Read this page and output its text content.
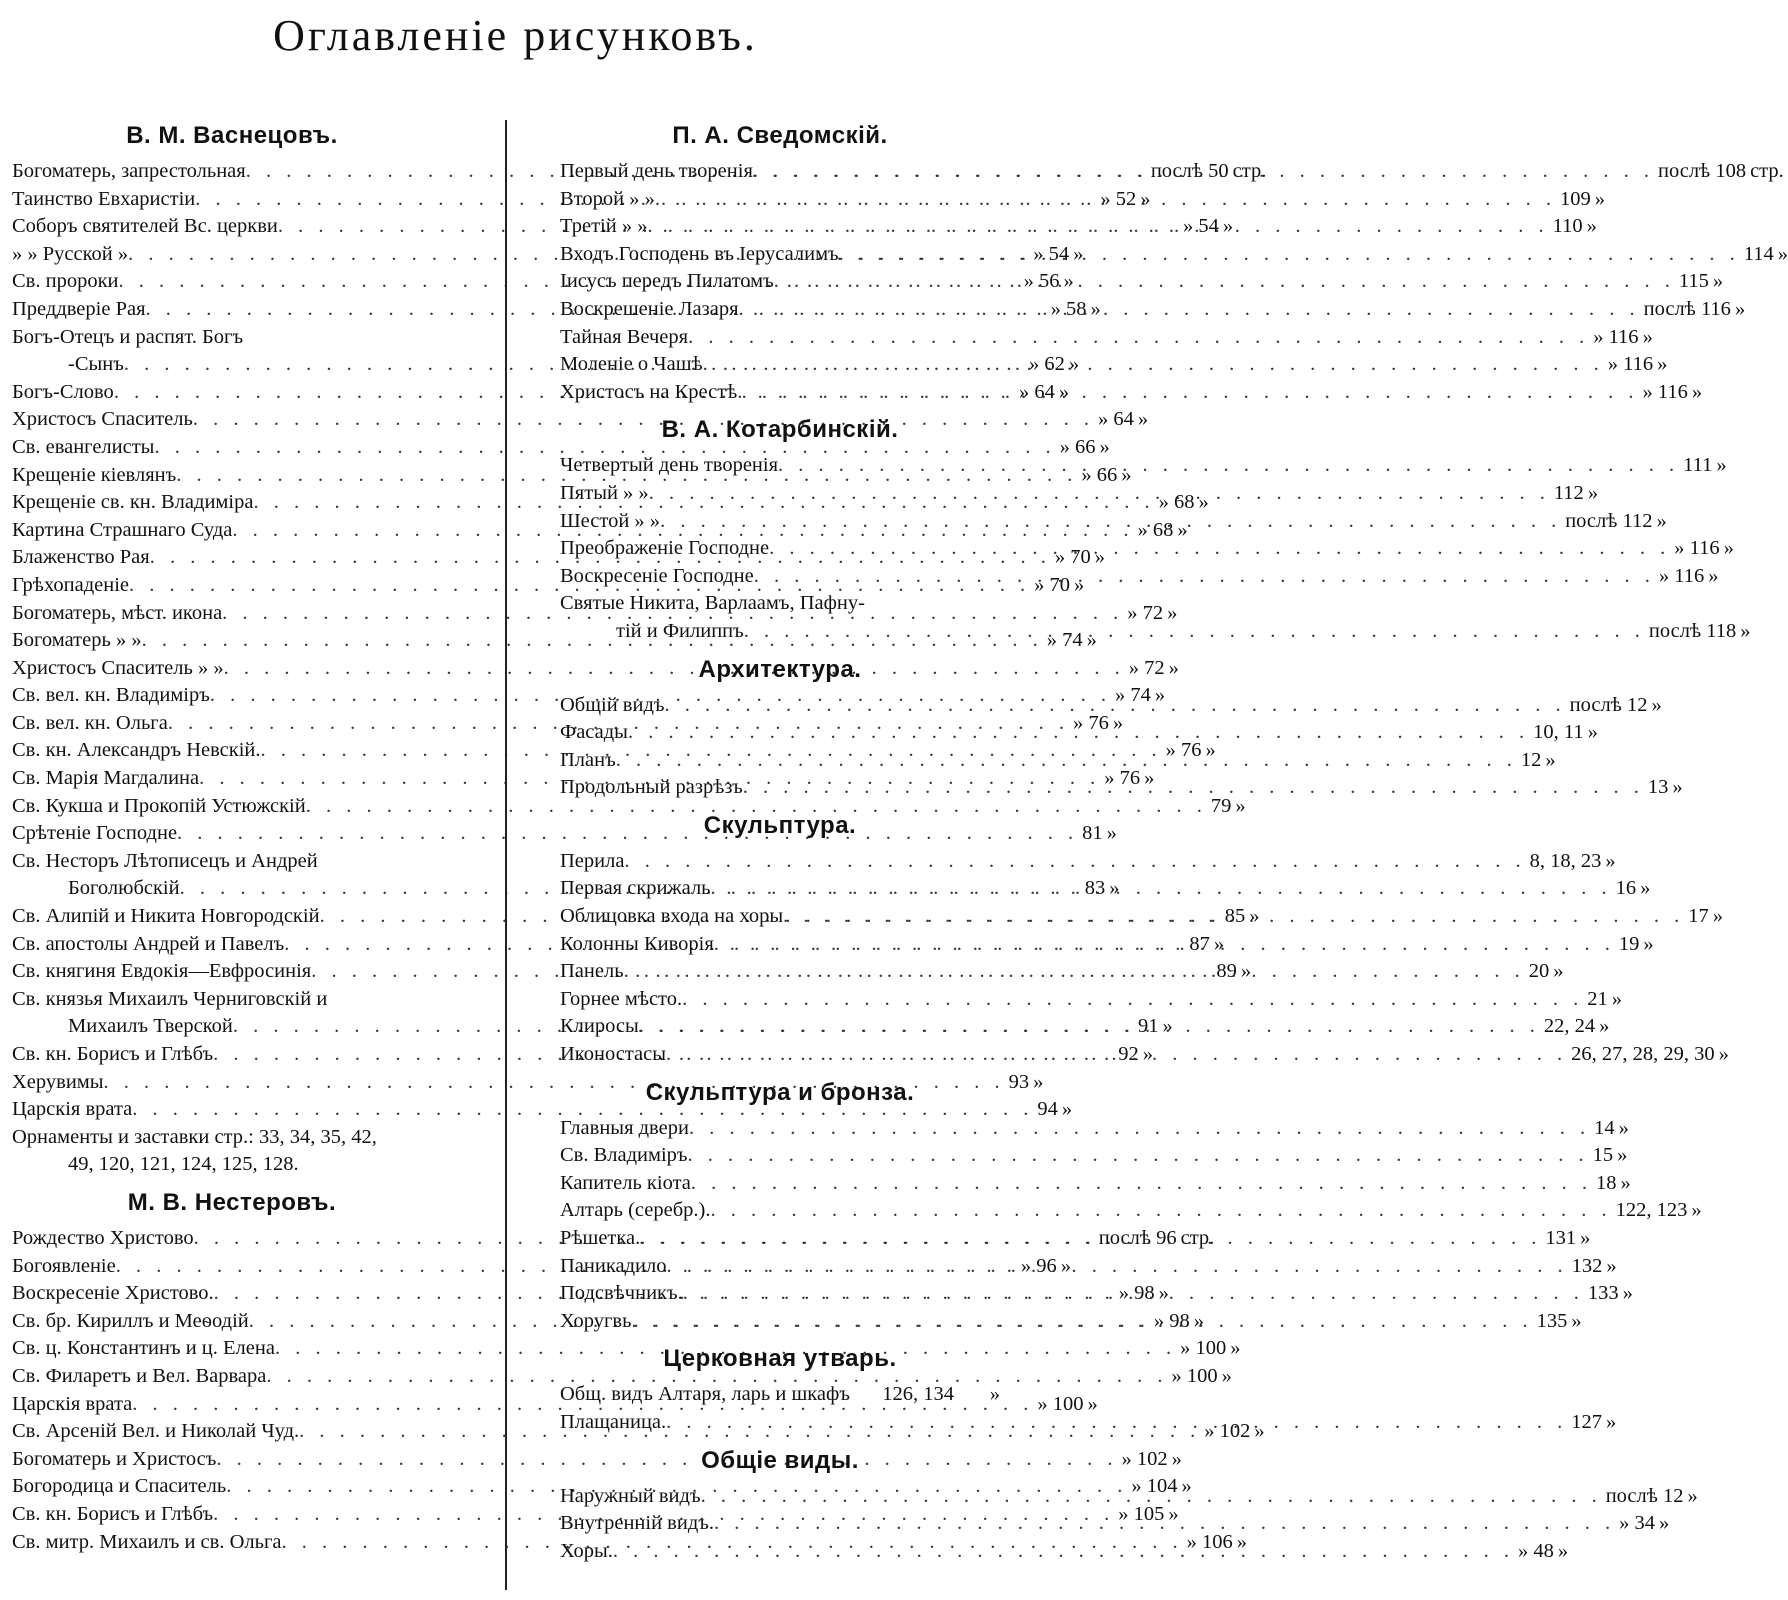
Оглавленіе рисунковъ.
В. М. Васнецовъ.
Богоматерь, запрестольная . . .	послѣ 50 стр.
Таинство Евхаристіи . . .	» 52 »
Соборъ святителей Вс. церкви . . .	» 54 »
» » Русской » . . .	» 54 »
Св. пророки . . .	» 56 »
Преддверіе Рая . . .	» 58 »
Богъ-Отецъ и распят. Богъ
-Сынъ . . .	» 62 »
Богъ-Слово . . .	» 64 »
Христосъ Спаситель . . .	» 64 »
Св. евангелисты . . .	» 66 »
Крещеніе кіевлянъ . . .	» 66 »
Крещеніе св. кн. Владиміра . . .	» 68 »
Картина Страшнаго Суда . . .	» 68 »
Блаженство Рая . . .	» 70 »
Грѣхопаденіе . . .	» 70 »
Богоматерь, мѣст. икона . . .	» 72 »
Богоматерь » » . . .	» 74 »
Христосъ Спаситель » » . . .	» 72 »
Св. вел. кн. Владиміръ . . .	» 74 »
Св. вел. кн. Ольга . . .	» 76 »
Св. кн. Александръ Невскій. . . .	» 76 »
Св. Марія Магдалина . . .	» 76 »
Св. Кукша и Прокопій Устюжскій . . .	79 »
Срѣтеніе Господне . . .	81 »
Св. Несторъ Лѣтописецъ и Андрей
Боголюбскій . . .	83 »
Св. Алипій и Никита Новгородскій . . .	85 »
Св. апостолы Андрей и Павелъ . . .	87 »
Св. княгиня Евдокія—Евфросинія . . .	89 »
Св. князья Михаилъ Черниговскій и
Михаилъ Тверской . . .	91 »
Св. кн. Борисъ и Глѣбъ . . .	92 »
Херувимы . . .	93 »
Царскія врата . . .	94 »
Орнаменты и заставки стр.: 33, 34, 35, 42,
49, 120, 121, 124, 125, 128.
М. В. Нестеровъ.
Рождество Христово . . .	послѣ 96 стр.
Богоявленіе . . .	» 96 »
Воскресеніе Христово. . . .	» 98 »
Св. бр. Кириллъ и Меѳодій . . .	» 98 »
Св. ц. Константинъ и ц. Елена . . .	» 100 »
Св. Филаретъ и Вел. Варвара . . .	» 100 »
Царскія врата . . .	» 100 »
Св. Арсеній Вел. и Николай Чуд. . . .	» 102 »
Богоматерь и Христосъ . . .	» 102 »
Богородица и Спаситель . . .	» 104 »
Св. кн. Борисъ и Глѣбъ . . .	» 105 »
Св. митр. Михаилъ и св. Ольга . . .	» 106 »
П. А. Сведомскій.
Первый день творенія . . .	послѣ 108 стр.
Второй » » . . .	109 »
Третій » » . . .	110 »
Входъ Господень въ Іерусалимъ . . .	114 »
Іисусъ передъ Пилатомъ . . .	115 »
Воскрешеніе Лазаря . . .	послѣ 116 »
Тайная Вечеря . . .	» 116 »
Моленіе о Чашѣ . . .	» 116 »
Христосъ на Крестѣ . . .	» 116 »
В. А. Котарбинскій.
Четвертый день творенія . . .	111 »
Пятый » » . . .	112 »
Шестой » » . . .	послѣ 112 »
Преображеніе Господне . . .	» 116 »
Воскресеніе Господне . . .	» 116 »
Святые Никита, Варлаамъ, Пафну-
тій и Филиппъ . . .	послѣ 118 »
Архитектура.
Общій видъ . . .	послѣ 12 »
Фасады . . .	10, 11 »
Планъ . . .	12 »
Продольный разрѣзъ . . .	13 »
Скульптура.
Перила . . .	8, 18, 23 »
Первая скрижаль . . .	16 »
Облицовка входа на хоры . . .	17 »
Колонны Киворія . . .	19 »
Панель . . .	20 »
Горнее мѣсто. . . .	21 »
Клиросы . . .	22, 24 »
Иконостасы . . .	26, 27, 28, 29, 30 »
Скульптура и бронза.
Главныя двери . . .	14 »
Св. Владиміръ . . .	15 »
Капитель кіота . . .	18 »
Алтарь (серебр.). . . .	122, 123 »
Рѣшетка. . . .	131 »
Паникадило . . .	132 »
Подсвѣчникъ. . . .	133 »
Хоругвь . . .	135 »
Церковная утварь.
Общ. видъ Алтаря, ларь и шкафъ 126, 134	»
Плащаница. . . .	127 »
Общіе виды.
Наружный видъ . . .	послѣ 12 »
Внутренній видъ. . . .	» 34 »
Хоры. . . .	» 48 »
